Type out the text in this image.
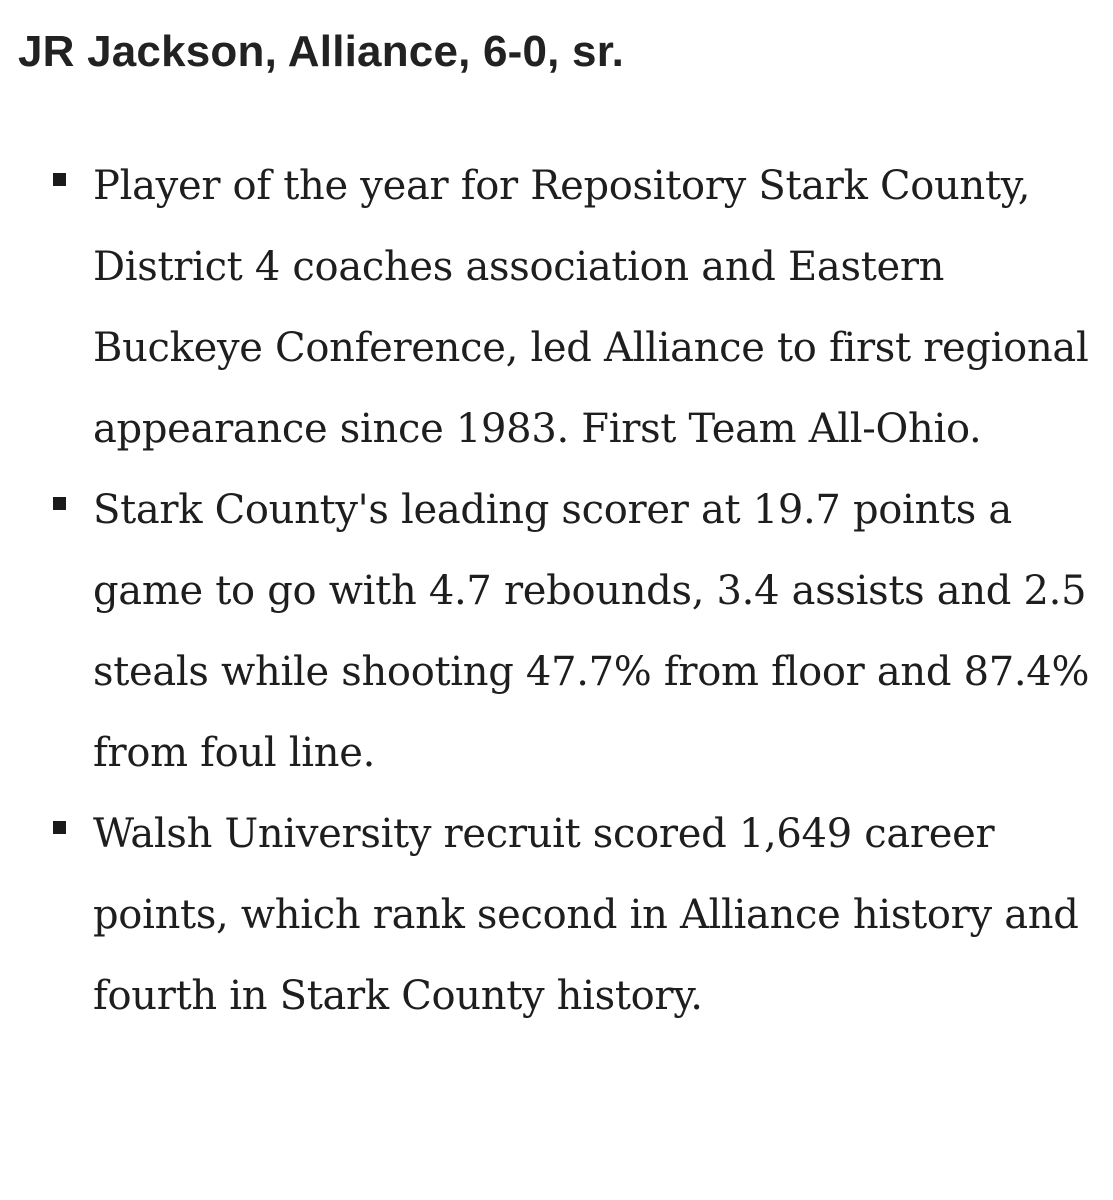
JR Jackson, Alliance, 6-0, sr.
Player of the year for Repository Stark County, District 4 coaches association and Eastern Buckeye Conference, led Alliance to first regional appearance since 1983. First Team All-Ohio.
Stark County's leading scorer at 19.7 points a game to go with 4.7 rebounds, 3.4 assists and 2.5 steals while shooting 47.7% from floor and 87.4% from foul line.
Walsh University recruit scored 1,649 career points, which rank second in Alliance history and fourth in Stark County history.
